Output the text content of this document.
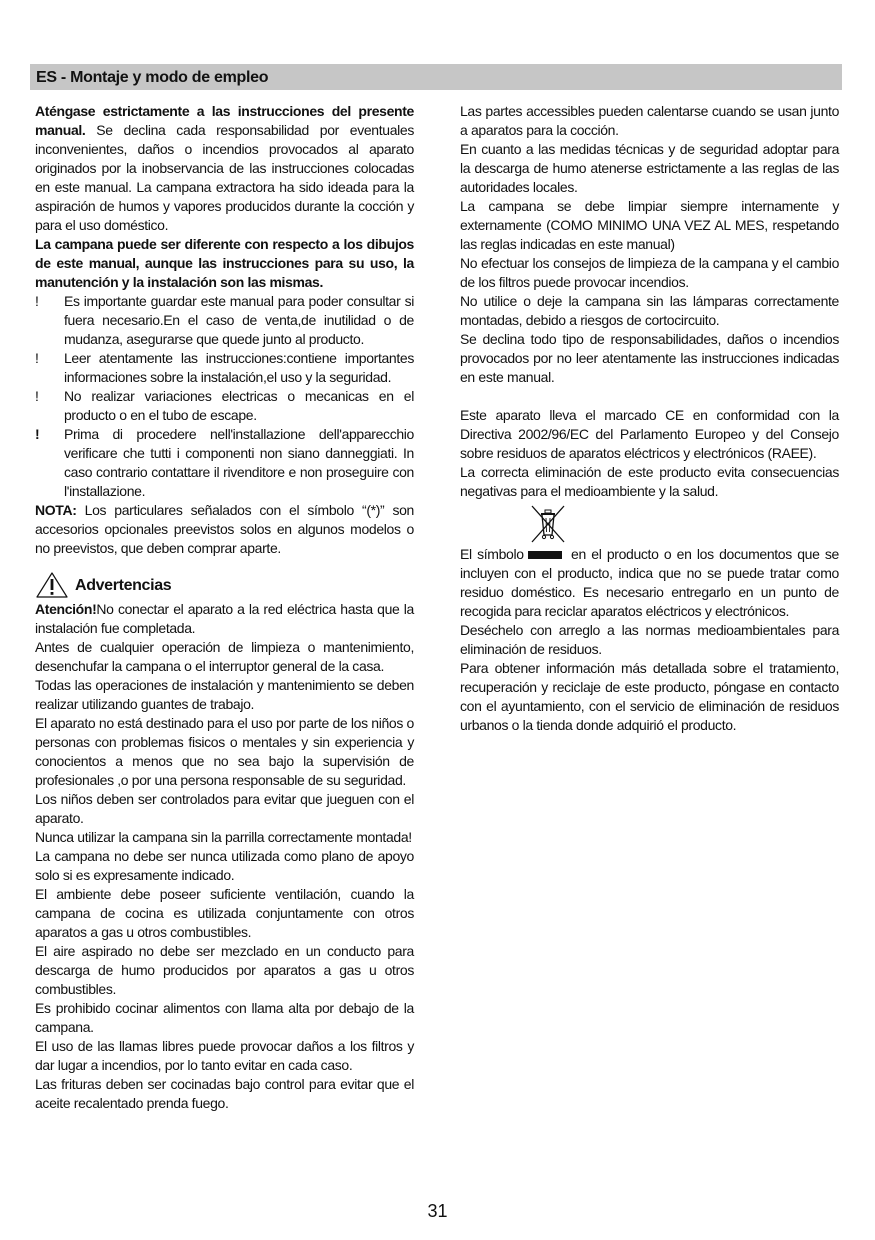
ES - Montaje y modo de empleo

Aténgase estrictamente a las instrucciones del presente manual. Se declina cada responsabilidad por eventuales inconvenientes, daños o incendios provocados al aparato originados por la inobservancia de las instrucciones colocadas en este manual. La campana extractora ha sido ideada para la aspiración de humos y vapores producidos durante la cocción y para el uso doméstico.

La campana puede ser diferente con respecto a los dibujos de este manual, aunque las instrucciones para su uso, la manutención y la instalación son las mismas.

!	Es importante guardar este manual para poder consultar si fuera necesario.En el caso de venta,de inutilidad o de mudanza, asegurarse que quede junto al producto.
!	Leer atentamente las instrucciones:contiene importantes informaciones sobre la instalación,el uso y la seguridad.
!	No realizar variaciones electricas o mecanicas en el producto o en el tubo de escape.
!	Prima di procedere nell'installazione dell'apparecchio verificare che tutti i componenti non siano danneggiati. In caso contrario contattare il rivenditore e non proseguire con l'installazione.

NOTA: Los particulares señalados con el símbolo “(*)” son accesorios opcionales preevistos solos en algunos modelos o no preevistos, que deben comprar aparte.

Advertencias

Atención!No conectar el aparato a la red eléctrica hasta que la instalación fue completada.

Antes de cualquier operación de limpieza o mantenimiento, desenchufar la campana o el interruptor general de la casa.

Todas las operaciones de instalación y mantenimiento se deben realizar utilizando guantes de trabajo.

El aparato no está destinado para el uso por parte de los niños o personas con problemas fisicos o mentales y sin experiencia y conocientos a menos que no sea bajo la supervisión de profesionales ,o por una persona responsable de su seguridad.

Los niños deben ser controlados para evitar que jueguen con el aparato.

Nunca utilizar la campana sin la parrilla correctamente montada!

La campana no debe ser nunca utilizada como plano de apoyo solo si es expresamente indicado.

El ambiente debe poseer suficiente ventilación, cuando la campana de cocina es utilizada conjuntamente con otros aparatos a gas u otros combustibles.

El aire aspirado no debe ser mezclado en un conducto para descarga de humo producidos por aparatos a gas u otros combustibles.

Es prohibido cocinar alimentos con llama alta por debajo de la campana.

El uso de las llamas libres puede provocar daños a los filtros y dar lugar a incendios, por lo tanto evitar en cada caso.

Las frituras deben ser cocinadas bajo control para evitar que el aceite recalentado prenda fuego.

Las partes accessibles pueden calentarse cuando se usan junto a aparatos para la cocción.

En cuanto a las medidas técnicas y de seguridad adoptar para la descarga de humo atenerse estrictamente a las reglas de las autoridades locales.

La campana se debe limpiar siempre internamente y externamente (COMO MINIMO UNA VEZ AL MES, respetando las reglas indicadas en este manual)

No efectuar los consejos de limpieza de la campana y el cambio de los filtros puede provocar incendios.

No utilice o deje la campana sin las lámparas correctamente montadas, debido a riesgos de cortocircuito.

Se declina todo tipo de responsabilidades, daños o incendios provocados por no leer atentamente las instrucciones indicadas en este manual.

Este aparato lleva el marcado CE en conformidad con la Directiva 2002/96/EC del Parlamento Europeo y del Consejo sobre residuos de aparatos eléctricos y electrónicos (RAEE).

La correcta eliminación de este producto evita consecuencias negativas para el medioambiente y la salud.

El símbolo	en el producto o en los documentos que se incluyen con el producto, indica que no se puede tratar como residuo doméstico. Es necesario entregarlo en un punto de recogida para reciclar aparatos eléctricos y electrónicos.

Deséchelo con arreglo a las normas medioambientales para eliminación de residuos.

Para obtener información más detallada sobre el tratamiento, recuperación y reciclaje de este producto, póngase en contacto con el ayuntamiento, con el servicio de eliminación de residuos urbanos o la tienda donde adquirió el producto.

31
